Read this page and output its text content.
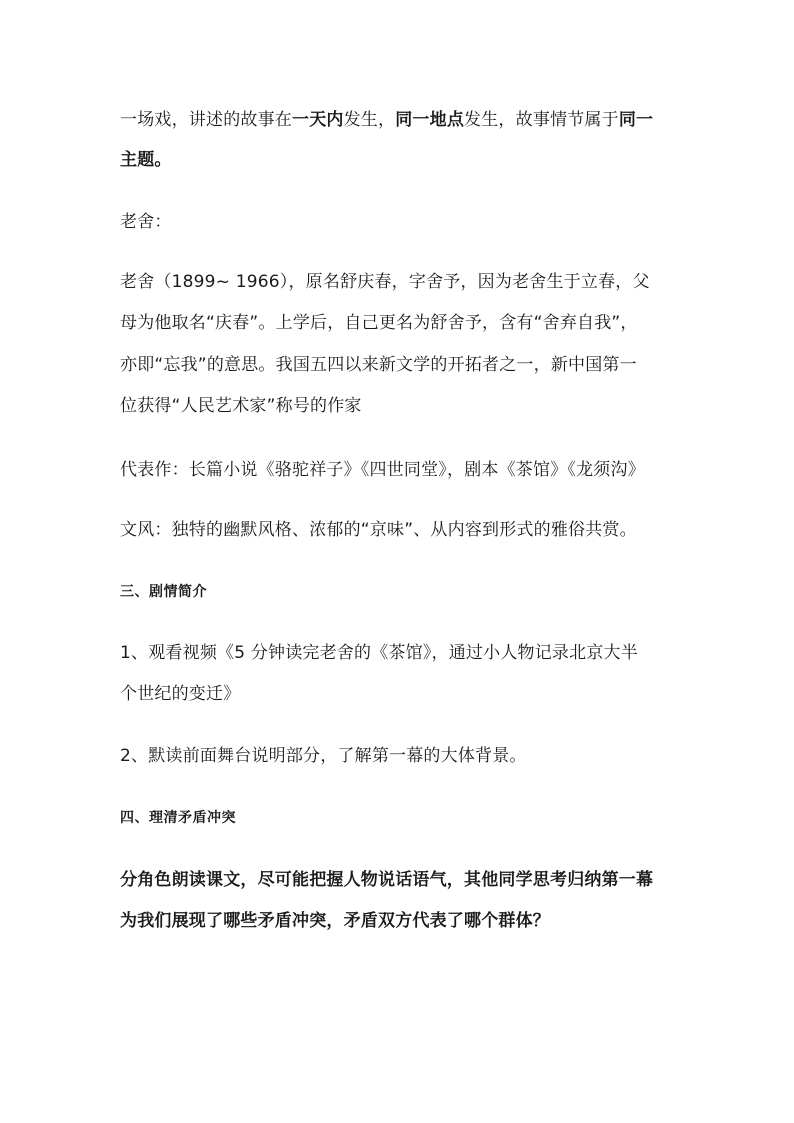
一场戏，讲述的故事在一天内发生，同一地点发生，故事情节属于同一
主题。
老舍：
老舍（1899~ 1966），原名舒庆春，字舍予，因为老舍生于立春，父
母为他取名“庆春”。上学后，自己更名为舒舍予，含有“舍弃自我”，
亦即“忘我”的意思。我国五四以来新文学的开拓者之一，新中国第一
位获得“人民艺术家”称号的作家
代表作：长篇小说《骆驼祥子》《四世同堂》，剧本《茶馆》《龙须沟》
文风：独特的幽默风格、浓郁的“京味”、从内容到形式的雅俗共赏。
三、剧情简介
1、观看视频《5 分钟读完老舍的《茶馆》，通过小人物记录北京大半
个世纪的变迁》
2、默读前面舞台说明部分，了解第一幕的大体背景。
四、理清矛盾冲突
分角色朗读课文，尽可能把握人物说话语气，其他同学思考归纳第一幕
为我们展现了哪些矛盾冲突，矛盾双方代表了哪个群体？
